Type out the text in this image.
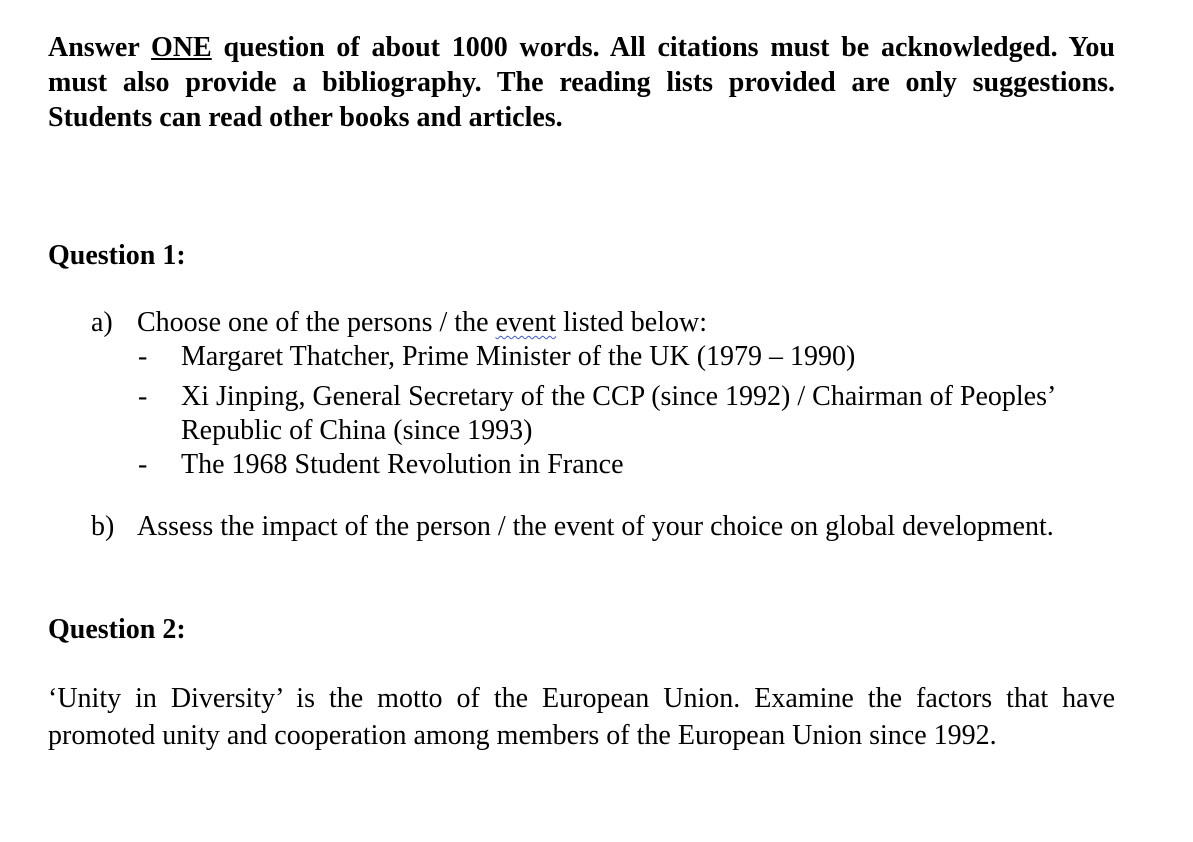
Answer ONE question of about 1000 words. All citations must be acknowledged. You must also provide a bibliography. The reading lists provided are only suggestions. Students can read other books and articles.

Question 1:
a) Choose one of the persons / the event listed below:
- Margaret Thatcher, Prime Minister of the UK (1979 – 1990)
- Xi Jinping, General Secretary of the CCP (since 1992) / Chairman of Peoples’ Republic of China (since 1993)
- The 1968 Student Revolution in France
b) Assess the impact of the person / the event of your choice on global development.
Question 2:

‘Unity in Diversity’ is the motto of the European Union. Examine the factors that have promoted unity and cooperation among members of the European Union since 1992.
